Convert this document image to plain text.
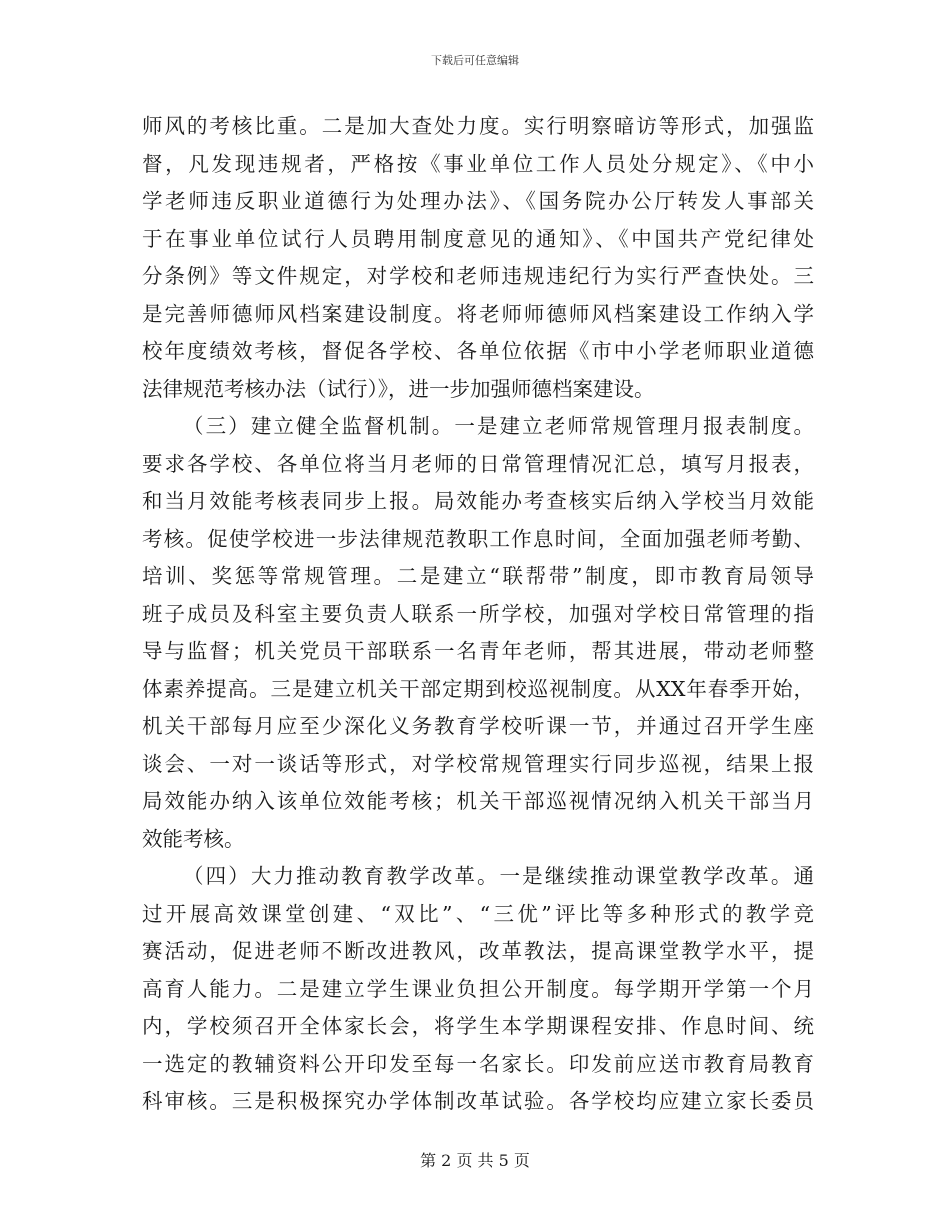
下载后可任意编辑
师风的考核比重。二是加大查处力度。实行明察暗访等形式，加强监
督，凡发现违规者，严格按《事业单位工作人员处分规定》、《中小
学老师违反职业道德行为处理办法》、《国务院办公厅转发人事部关
于在事业单位试行人员聘用制度意见的通知》、《中国共产党纪律处
分条例》等文件规定，对学校和老师违规违纪行为实行严查快处。三
是完善师德师风档案建设制度。将老师师德师风档案建设工作纳入学
校年度绩效考核，督促各学校、各单位依据《市中小学老师职业道德
法律规范考核办法（试行）》，进一步加强师德档案建设。
（三）建立健全监督机制。一是建立老师常规管理月报表制度。
要求各学校、各单位将当月老师的日常管理情况汇总，填写月报表，
和当月效能考核表同步上报。局效能办考查核实后纳入学校当月效能
考核。促使学校进一步法律规范教职工作息时间，全面加强老师考勤、
培训、奖惩等常规管理。二是建立“联帮带”制度，即市教育局领导
班子成员及科室主要负责人联系一所学校，加强对学校日常管理的指
导与监督；机关党员干部联系一名青年老师，帮其进展，带动老师整
体素养提高。三是建立机关干部定期到校巡视制度。从XX年春季开始，
机关干部每月应至少深化义务教育学校听课一节，并通过召开学生座
谈会、一对一谈话等形式，对学校常规管理实行同步巡视，结果上报
局效能办纳入该单位效能考核；机关干部巡视情况纳入机关干部当月
效能考核。
（四）大力推动教育教学改革。一是继续推动课堂教学改革。通
过开展高效课堂创建、“双比”、“三优”评比等多种形式的教学竞
赛活动，促进老师不断改进教风，改革教法，提高课堂教学水平，提
高育人能力。二是建立学生课业负担公开制度。每学期开学第一个月
内，学校须召开全体家长会，将学生本学期课程安排、作息时间、统
一选定的教辅资料公开印发至每一名家长。印发前应送市教育局教育
科审核。三是积极探究办学体制改革试验。各学校均应建立家长委员
第 2 页 共 5 页
